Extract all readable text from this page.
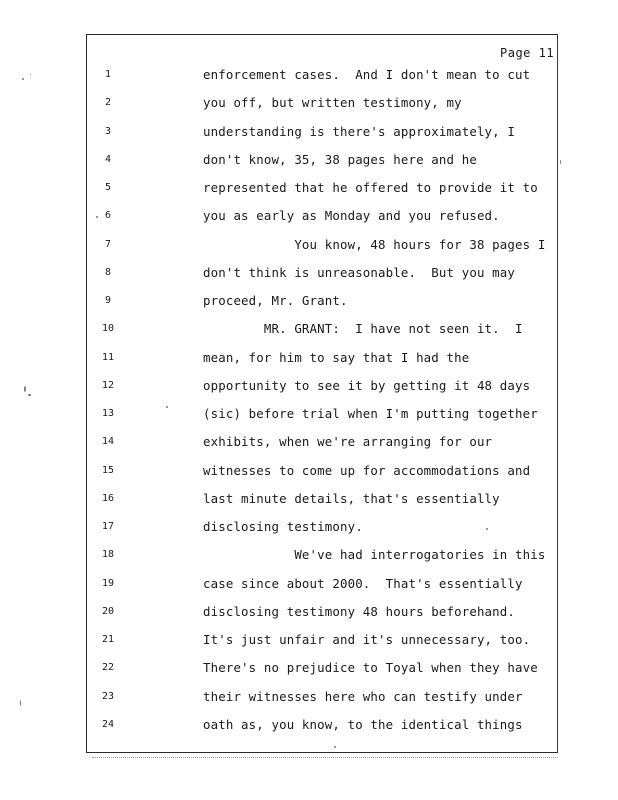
Page 11
1	enforcement cases.  And I don't mean to cut
2	you off, but written testimony, my
3	understanding is there's approximately, I
4	don't know, 35, 38 pages here and he
5	represented that he offered to provide it to
6	you as early as Monday and you refused.
7	You know, 48 hours for 38 pages I
8	don't think is unreasonable.  But you may
9	proceed, Mr. Grant.
10	MR. GRANT:  I have not seen it.  I
11	mean, for him to say that I had the
12	opportunity to see it by getting it 48 days
13	(sic) before trial when I'm putting together
14	exhibits, when we're arranging for our
15	witnesses to come up for accommodations and
16	last minute details, that's essentially
17	disclosing testimony.
18	We've had interrogatories in this
19	case since about 2000.  That's essentially
20	disclosing testimony 48 hours beforehand.
21	It's just unfair and it's unnecessary, too.
22	There's no prejudice to Toyal when they have
23	their witnesses here who can testify under
24	oath as, you know, to the identical things
